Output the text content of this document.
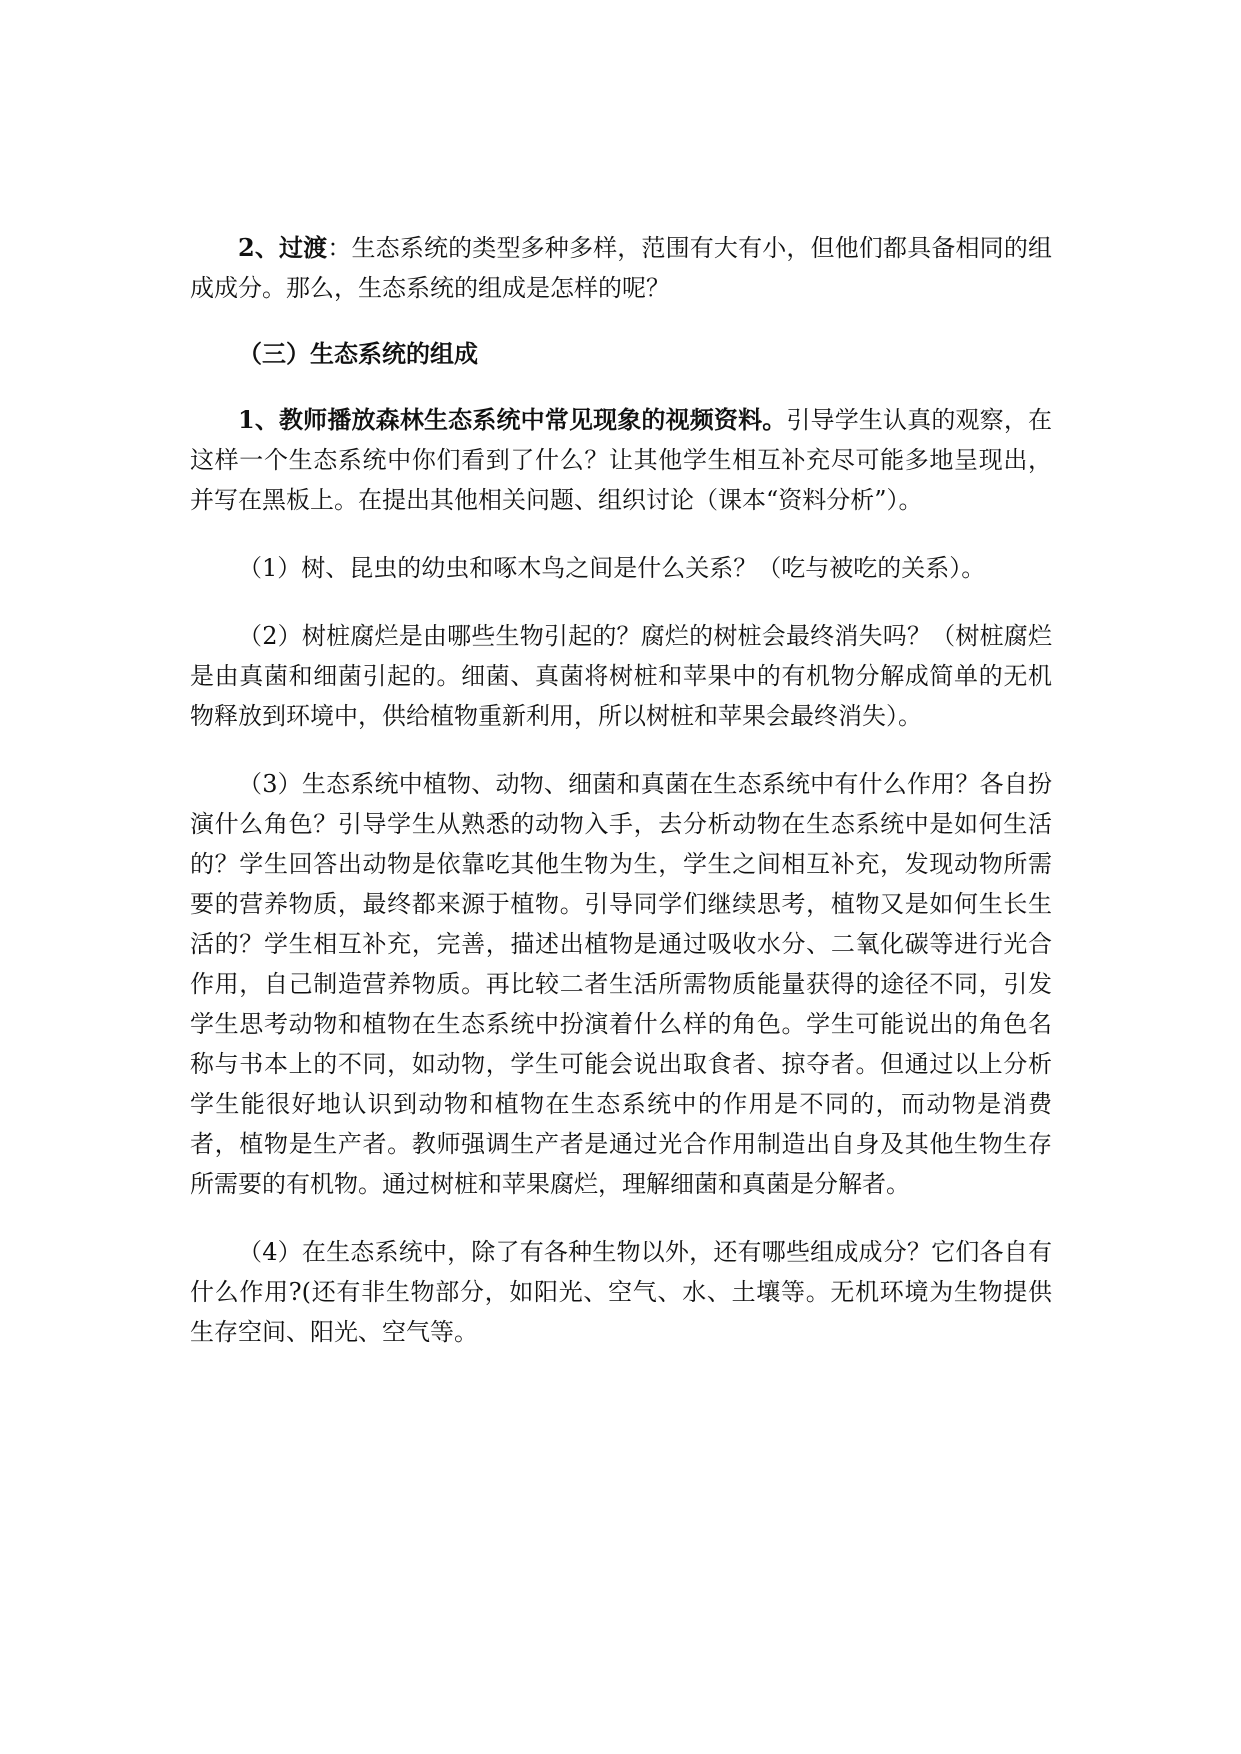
2、过渡：生态系统的类型多种多样，范围有大有小，但他们都具备相同的组成成分。那么，生态系统的组成是怎样的呢？

（三）生态系统的组成

1、教师播放森林生态系统中常见现象的视频资料。引导学生认真的观察，在这样一个生态系统中你们看到了什么？让其他学生相互补充尽可能多地呈现出，并写在黑板上。在提出其他相关问题、组织讨论（课本“资料分析”）。

（1）树、昆虫的幼虫和啄木鸟之间是什么关系？（吃与被吃的关系）。

（2）树桩腐烂是由哪些生物引起的？腐烂的树桩会最终消失吗？（树桩腐烂是由真菌和细菌引起的。细菌、真菌将树桩和苹果中的有机物分解成简单的无机物释放到环境中，供给植物重新利用，所以树桩和苹果会最终消失）。

（3）生态系统中植物、动物、细菌和真菌在生态系统中有什么作用？各自扮演什么角色？引导学生从熟悉的动物入手，去分析动物在生态系统中是如何生活的？学生回答出动物是依靠吃其他生物为生，学生之间相互补充，发现动物所需要的营养物质，最终都来源于植物。引导同学们继续思考，植物又是如何生长生活的？学生相互补充，完善，描述出植物是通过吸收水分、二氧化碳等进行光合作用，自己制造营养物质。再比较二者生活所需物质能量获得的途径不同，引发学生思考动物和植物在生态系统中扮演着什么样的角色。学生可能说出的角色名称与书本上的不同，如动物，学生可能会说出取食者、掠夺者。但通过以上分析学生能很好地认识到动物和植物在生态系统中的作用是不同的，而动物是消费者，植物是生产者。教师强调生产者是通过光合作用制造出自身及其他生物生存所需要的有机物。通过树桩和苹果腐烂，理解细菌和真菌是分解者。

（4）在生态系统中，除了有各种生物以外，还有哪些组成成分？它们各自有什么作用?(还有非生物部分，如阳光、空气、水、土壤等。无机环境为生物提供生存空间、阳光、空气等。
